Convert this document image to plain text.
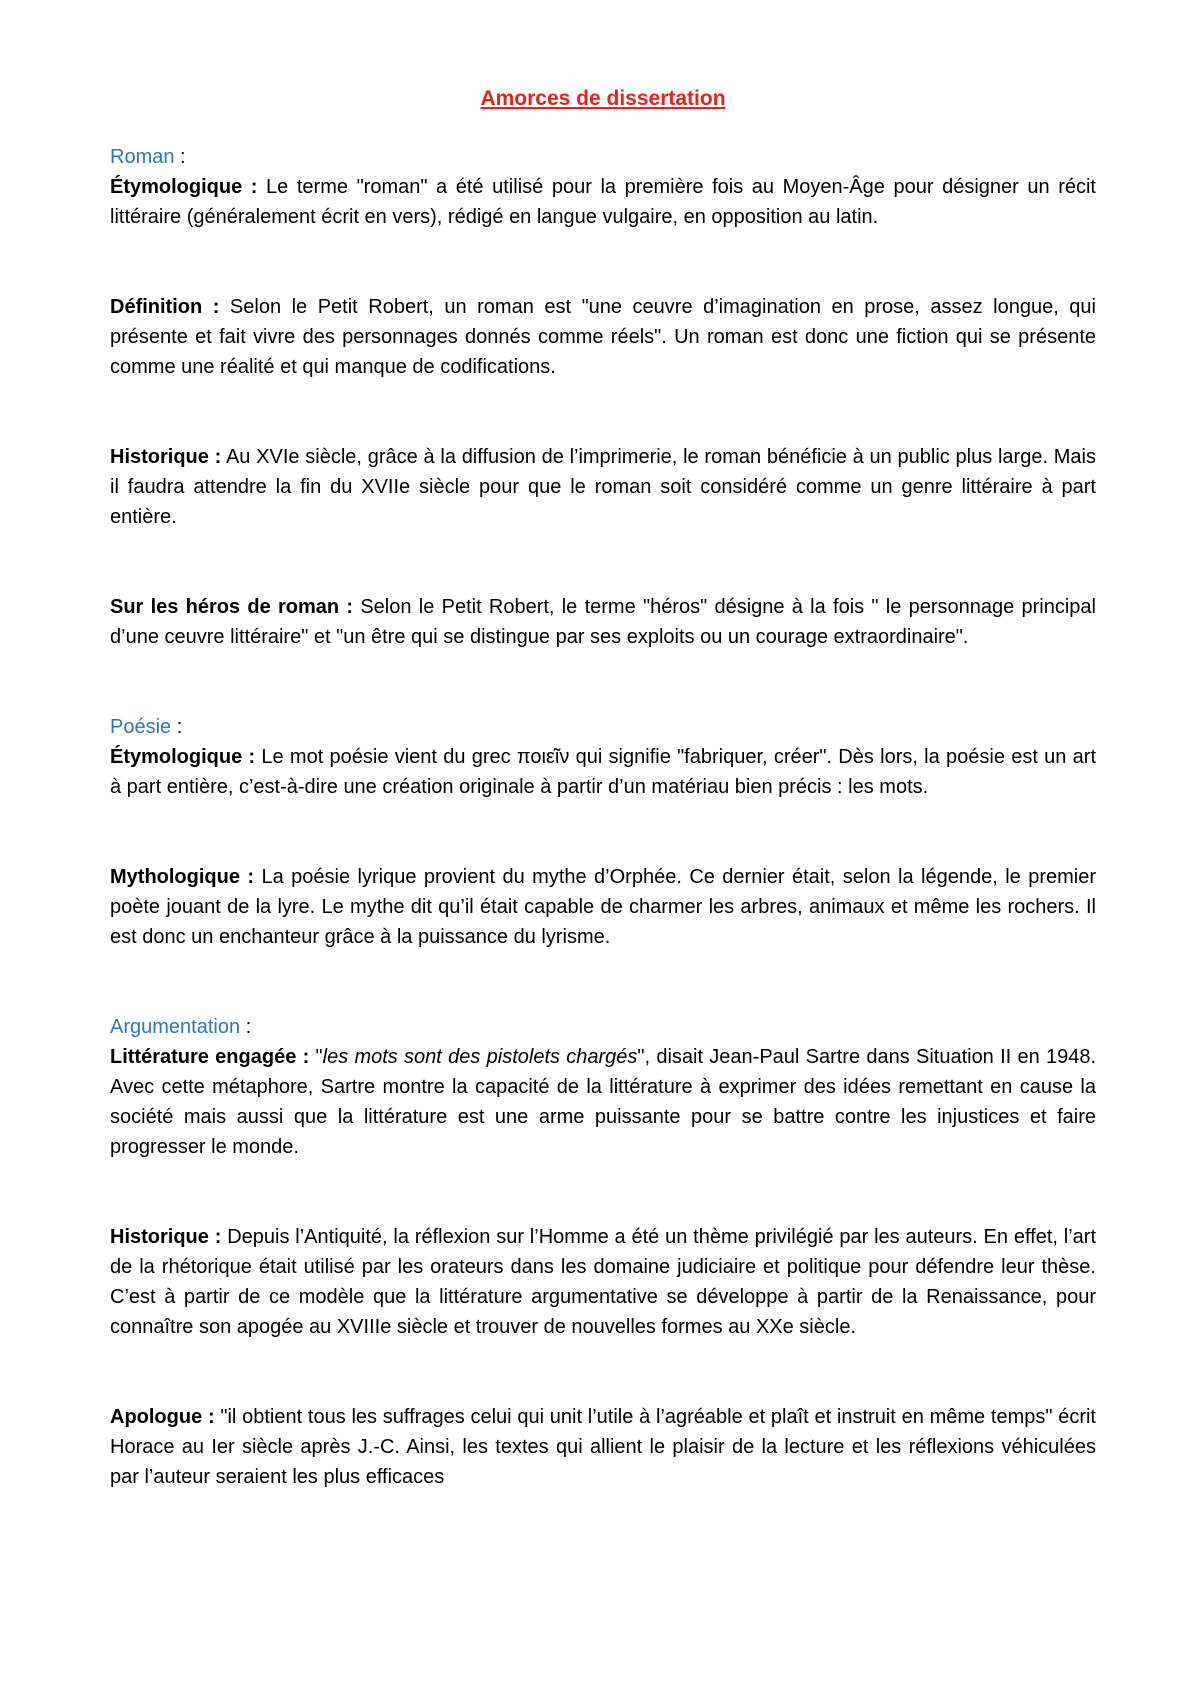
Amorces de dissertation

Roman :

Étymologique : Le terme "roman" a été utilisé pour la première fois au Moyen-Âge pour désigner un récit littéraire (généralement écrit en vers), rédigé en langue vulgaire, en opposition au latin.

Définition : Selon le Petit Robert, un roman est "une ceuvre d’imagination en prose, assez longue, qui présente et fait vivre des personnages donnés comme réels". Un roman est donc une fiction qui se présente comme une réalité et qui manque de codifications.

Historique : Au XVIe siècle, grâce à la diffusion de l’imprimerie, le roman bénéficie à un public plus large. Mais il faudra attendre la fin du XVIIe siècle pour que le roman soit considéré comme un genre littéraire à part entière.

Sur les héros de roman : Selon le Petit Robert, le terme "héros" désigne à la fois " le personnage principal d’une ceuvre littéraire" et "un être qui se distingue par ses exploits ou un courage extraordinaire".

Poésie :

Étymologique : Le mot poésie vient du grec ποιεῖν qui signifie "fabriquer, créer". Dès lors, la poésie est un art à part entière, c’est-à-dire une création originale à partir d’un matériau bien précis : les mots.

Mythologique : La poésie lyrique provient du mythe d’Orphée. Ce dernier était, selon la légende, le premier poète jouant de la lyre. Le mythe dit qu’il était capable de charmer les arbres, animaux et même les rochers. Il est donc un enchanteur grâce à la puissance du lyrisme.

Argumentation :

Littérature engagée : "les mots sont des pistolets chargés", disait Jean-Paul Sartre dans Situation II en 1948. Avec cette métaphore, Sartre montre la capacité de la littérature à exprimer des idées remettant en cause la société mais aussi que la littérature est une arme puissante pour se battre contre les injustices et faire progresser le monde.

Historique : Depuis l’Antiquité, la réflexion sur l’Homme a été un thème privilégié par les auteurs. En effet, l’art de la rhétorique était utilisé par les orateurs dans les domaine judiciaire et politique pour défendre leur thèse. C’est à partir de ce modèle que la littérature argumentative se développe à partir de la Renaissance, pour connaître son apogée au XVIIIe siècle et trouver de nouvelles formes au XXe siècle.

Apologue : "il obtient tous les suffrages celui qui unit l’utile à l’agréable et plaît et instruit en même temps" écrit Horace au Ier siècle après J.-C. Ainsi, les textes qui allient le plaisir de la lecture et les réflexions véhiculées par l’auteur seraient les plus efficaces
